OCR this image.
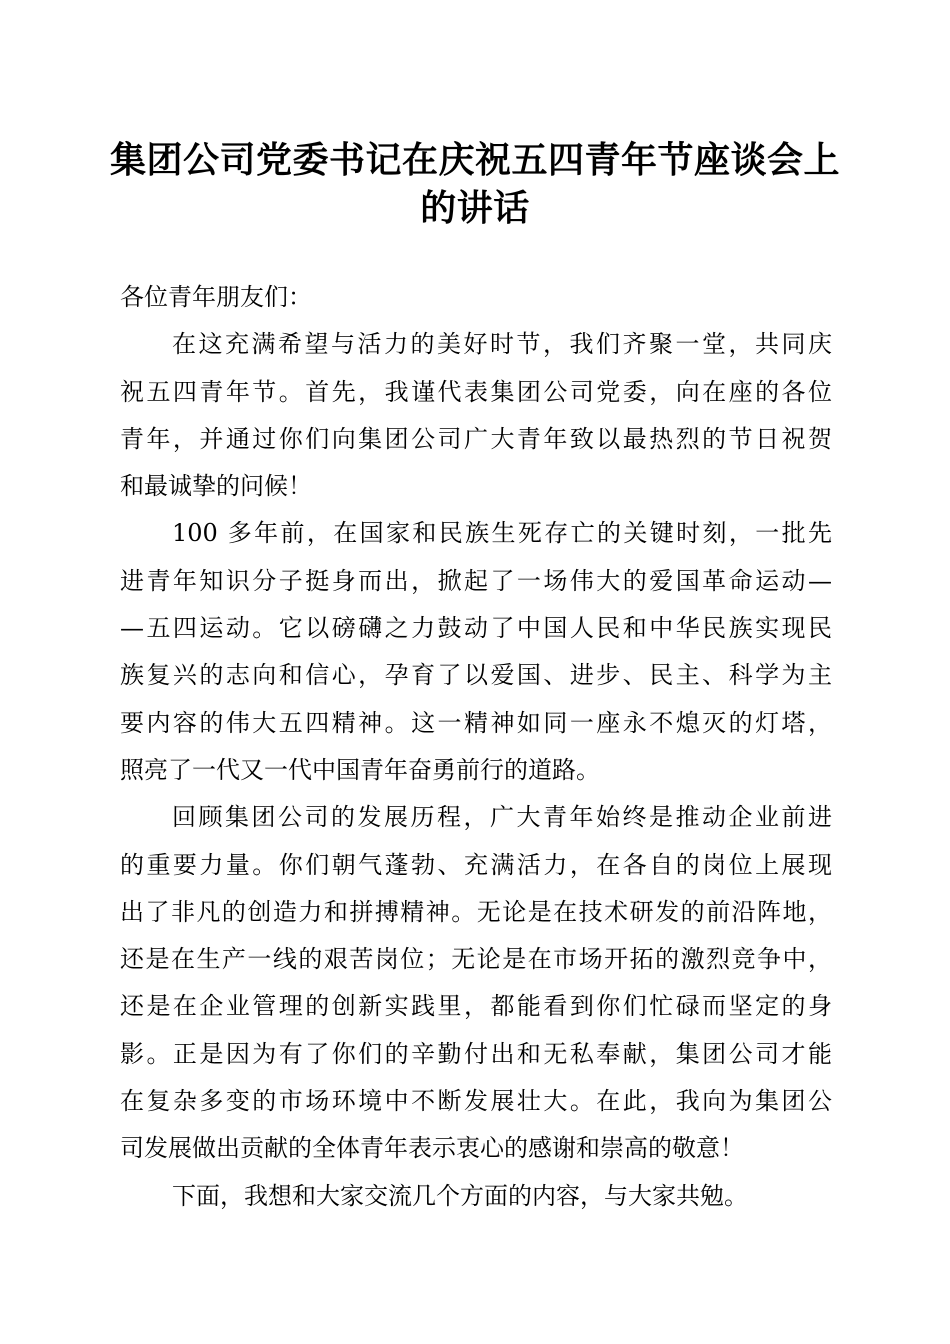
集团公司党委书记在庆祝五四青年节座谈会上
的讲话
各位青年朋友们：
在这充满希望与活力的美好时节，我们齐聚一堂，共同庆
祝五四青年节。首先，我谨代表集团公司党委，向在座的各位
青年，并通过你们向集团公司广大青年致以最热烈的节日祝贺
和最诚挚的问候！
100 多年前，在国家和民族生死存亡的关键时刻，一批先
进青年知识分子挺身而出，掀起了一场伟大的爱国革命运动—
—五四运动。它以磅礴之力鼓动了中国人民和中华民族实现民
族复兴的志向和信心，孕育了以爱国、进步、民主、科学为主
要内容的伟大五四精神。这一精神如同一座永不熄灭的灯塔，
照亮了一代又一代中国青年奋勇前行的道路。
回顾集团公司的发展历程，广大青年始终是推动企业前进
的重要力量。你们朝气蓬勃、充满活力，在各自的岗位上展现
出了非凡的创造力和拼搏精神。无论是在技术研发的前沿阵地，
还是在生产一线的艰苦岗位；无论是在市场开拓的激烈竞争中，
还是在企业管理的创新实践里，都能看到你们忙碌而坚定的身
影。正是因为有了你们的辛勤付出和无私奉献，集团公司才能
在复杂多变的市场环境中不断发展壮大。在此，我向为集团公
司发展做出贡献的全体青年表示衷心的感谢和崇高的敬意！
下面，我想和大家交流几个方面的内容，与大家共勉。
